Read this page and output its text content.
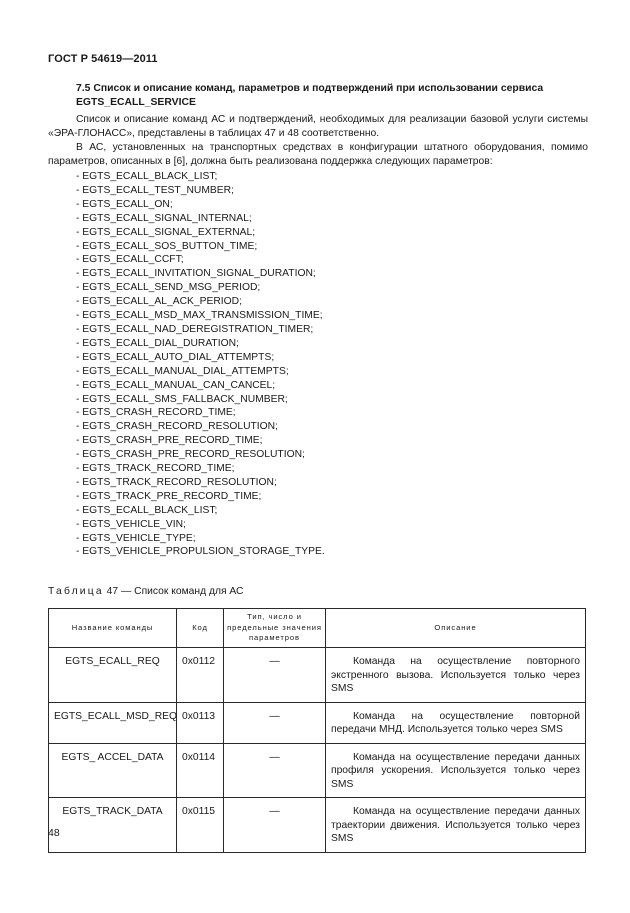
ГОСТ Р 54619—2011
7.5 Список и описание команд, параметров и подтверждений при использовании сервиса EGTS_ECALL_SERVICE
Список и описание команд АС и подтверждений, необходимых для реализации базовой услуги системы «ЭРА-ГЛОНАСС», представлены в таблицах 47 и 48 соответственно.
В АС, установленных на транспортных средствах в конфигурации штатного оборудования, помимо параметров, описанных в [6], должна быть реализована поддержка следующих параметров:
- EGTS_ECALL_BLACK_LIST;
- EGTS_ECALL_TEST_NUMBER;
- EGTS_ECALL_ON;
- EGTS_ECALL_SIGNAL_INTERNAL;
- EGTS_ECALL_SIGNAL_EXTERNAL;
- EGTS_ECALL_SOS_BUTTON_TIME;
- EGTS_ECALL_CCFT;
- EGTS_ECALL_INVITATION_SIGNAL_DURATION;
- EGTS_ECALL_SEND_MSG_PERIOD;
- EGTS_ECALL_AL_ACK_PERIOD;
- EGTS_ECALL_MSD_MAX_TRANSMISSION_TIME;
- EGTS_ECALL_NAD_DEREGISTRATION_TIMER;
- EGTS_ECALL_DIAL_DURATION;
- EGTS_ECALL_AUTO_DIAL_ATTEMPTS;
- EGTS_ECALL_MANUAL_DIAL_ATTEMPTS;
- EGTS_ECALL_MANUAL_CAN_CANCEL;
- EGTS_ECALL_SMS_FALLBACK_NUMBER;
- EGTS_CRASH_RECORD_TIME;
- EGTS_CRASH_RECORD_RESOLUTION;
- EGTS_CRASH_PRE_RECORD_TIME;
- EGTS_CRASH_PRE_RECORD_RESOLUTION;
- EGTS_TRACK_RECORD_TIME;
- EGTS_TRACK_RECORD_RESOLUTION;
- EGTS_TRACK_PRE_RECORD_TIME;
- EGTS_ECALL_BLACK_LIST;
- EGTS_VEHICLE_VIN;
- EGTS_VEHICLE_TYPE;
- EGTS_VEHICLE_PROPULSION_STORAGE_TYPE.
Таблица 47 — Список команд для АС
Название команды	Код	Тип, число и предельные значения параметров	Описание
EGTS_ECALL_REQ	0x0112	—	Команда на осуществление повторного экстренного вызова. Используется только через SMS
EGTS_ECALL_MSD_REQ	0x0113	—	Команда на осуществление повторной передачи МНД. Используется только через SMS
EGTS_ ACCEL_DATA	0x0114	—	Команда на осуществление передачи данных профиля ускорения. Используется только через SMS
EGTS_TRACK_DATA	0x0115	—	Команда на осуществление передачи данных траектории движения. Используется только через SMS
48
